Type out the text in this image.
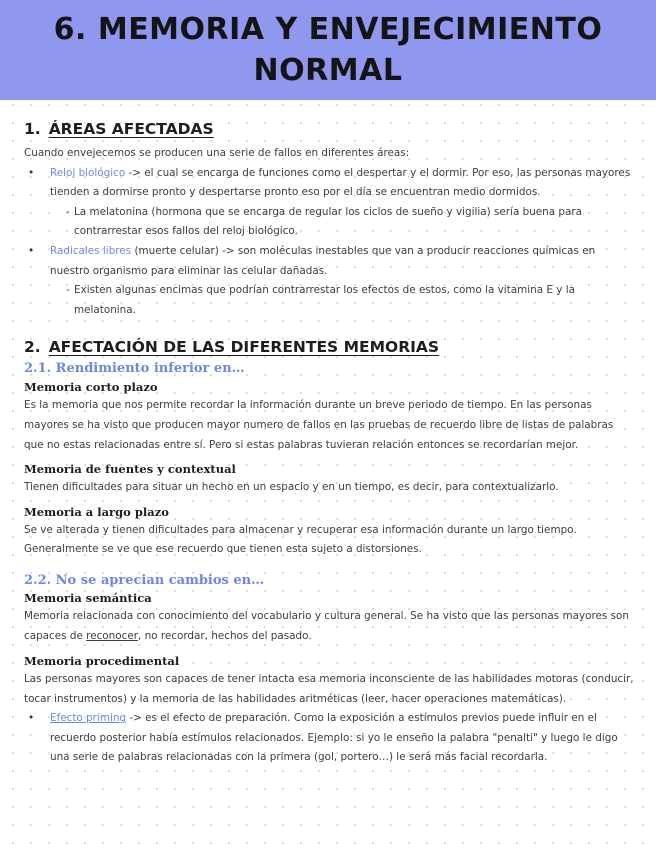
6. MEMORIA Y ENVEJECIMIENTO NORMAL
1. ÁREAS AFECTADAS

Cuando envejecemos se producen una serie de fallos en diferentes áreas:

• Reloj biológico -> el cual se encarga de funciones como el despertar y el dormir. Por eso, las personas mayores tienden a dormirse pronto y despertarse pronto eso por el día se encuentran medio dormidos.

- La melatonina (hormona que se encarga de regular los ciclos de sueño y vigilia) sería buena para contrarrestar esos fallos del reloj biológico.

• Radicales libres (muerte celular) -> son moléculas inestables que van a producir reacciones químicas en nuestro organismo para eliminar las celular dañadas.

- Existen algunas encimas que podrían contrarrestar los efectos de estos, como la vitamina E y la melatonina.

2. AFECTACIÓN DE LAS DIFERENTES MEMORIAS
2.1. Rendimiento inferior en…
Memoria corto plazo

Es la memoria que nos permite recordar la información durante un breve periodo de tiempo. En las personas mayores se ha visto que producen mayor numero de fallos en las pruebas de recuerdo libre de listas de palabras que no estas relacionadas entre sí. Pero si estas palabras tuvieran relación entonces se recordarían mejor.

Memoria de fuentes y contextual

Tienen dificultades para situar un hecho en un espacio y en un tiempo, es decir, para contextualizarlo.

Memoria a largo plazo

Se ve alterada y tienen dificultades para almacenar y recuperar esa información durante un largo tiempo. Generalmente se ve que ese recuerdo que tienen esta sujeto a distorsiones.

2.2. No se aprecian cambios en…
Memoria semántica

Memoria relacionada con conocimiento del vocabulario y cultura general. Se ha visto que las personas mayores son capaces de reconocer, no recordar, hechos del pasado.

Memoria procedimental

Las personas mayores son capaces de tener intacta esa memoria inconsciente de las habilidades motoras (conducir, tocar instrumentos) y la memoria de las habilidades aritméticas (leer, hacer operaciones matemáticas).

• Efecto priming -> es el efecto de preparación. Como la exposición a estímulos previos puede influir en el recuerdo posterior había estímulos relacionados. Ejemplo: si yo le enseño la palabra "penalti" y luego le digo una serie de palabras relacionadas con la primera (gol, portero…) le será más facial recordarla.
